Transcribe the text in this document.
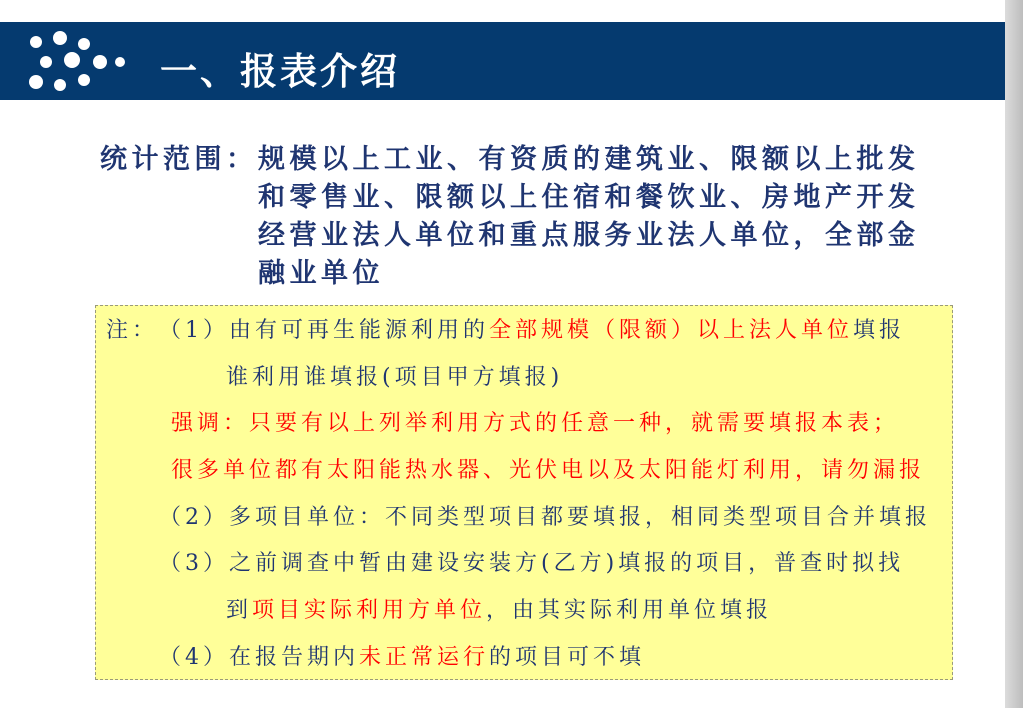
一、报表介绍
统计范围： 规模以上工业、有资质的建筑业、限额以上批发
和零售业、限额以上住宿和餐饮业、房地产开发
经营业法人单位和重点服务业法人单位，全部金
融业单位
注： （1）由有可再生能源利用的全部规模（限额）以上法人单位填报
谁利用谁填报(项目甲方填报)
强调：只要有以上列举利用方式的任意一种，就需要填报本表；
很多单位都有太阳能热水器、光伏电以及太阳能灯利用，请勿漏报
（2）多项目单位：不同类型项目都要填报，相同类型项目合并填报
（3）之前调查中暂由建设安装方(乙方)填报的项目，普查时拟找
到项目实际利用方单位，由其实际利用单位填报
（4）在报告期内未正常运行的项目可不填
